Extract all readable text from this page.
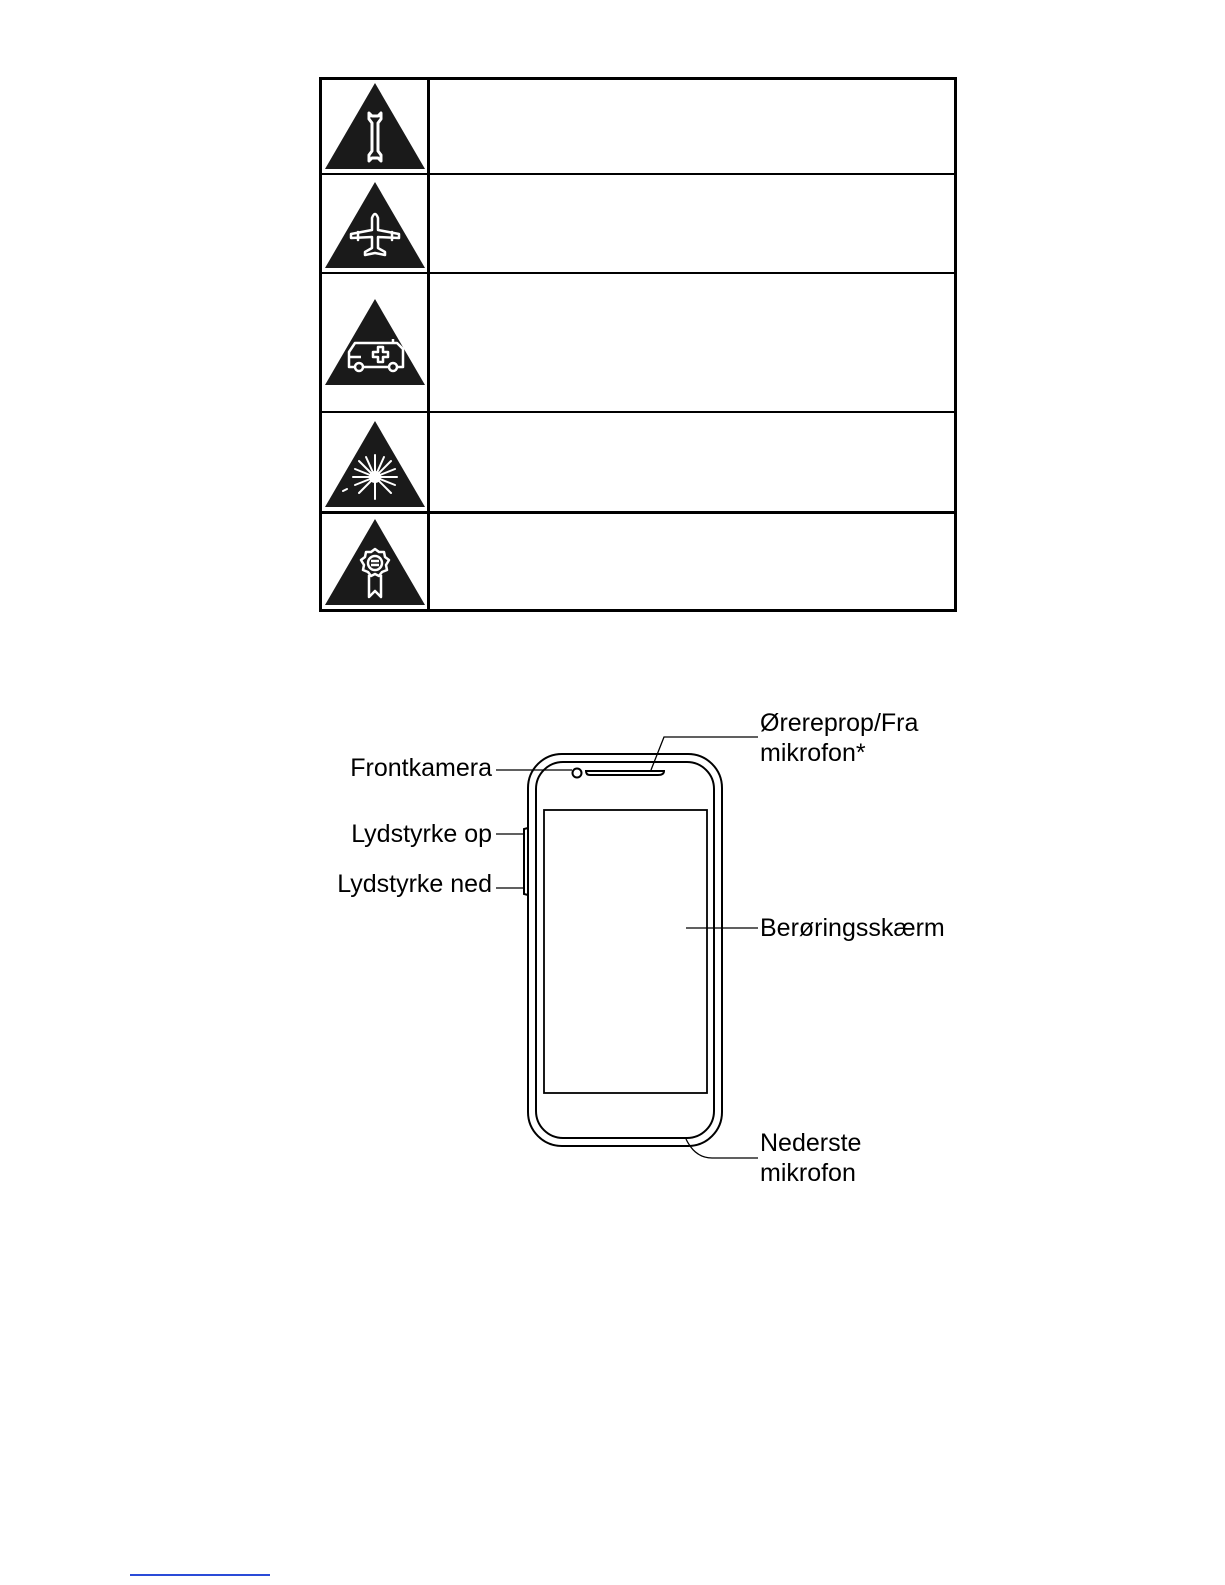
Ørereprop/Fra
mikrofon*
Frontkamera
Lydstyrke op
Lydstyrke ned
Berøringsskærm
Nederste
mikrofon
